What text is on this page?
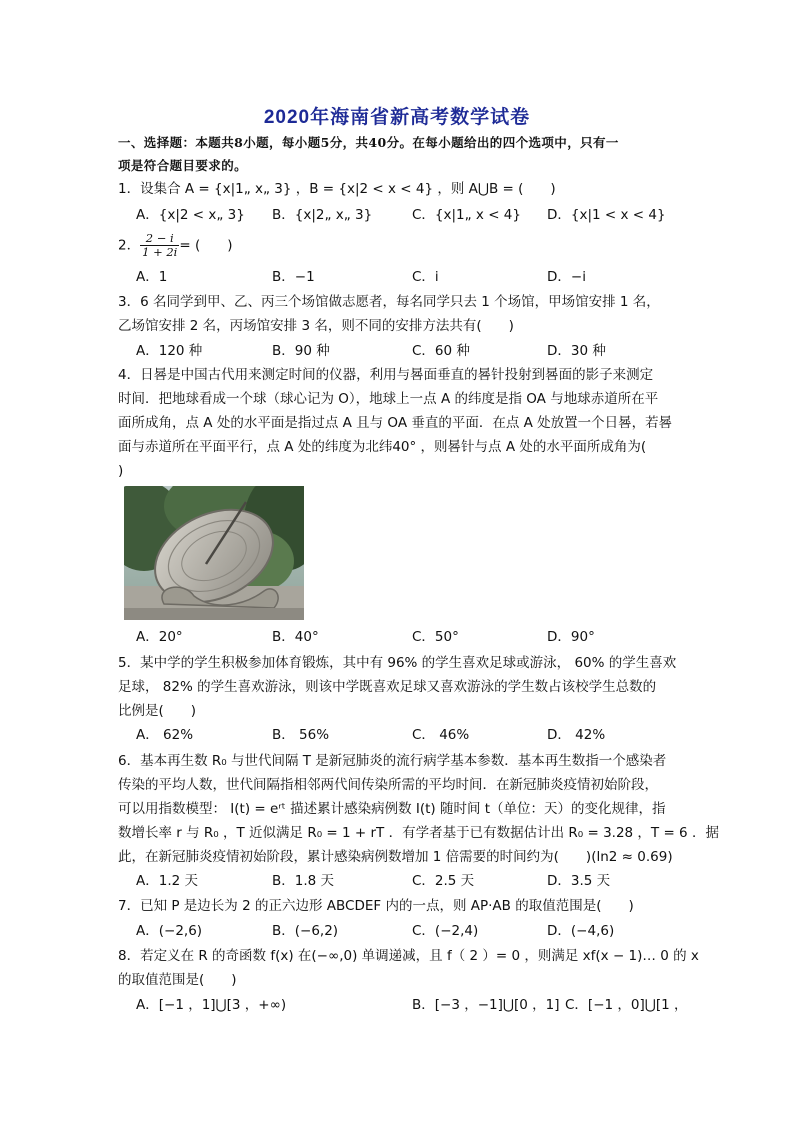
2020年海南省新高考数学试卷
一、选择题：本题共8小题，每小题5分，共40分。在每小题给出的四个选项中，只有一
项是符合题目要求的。
1．设集合 A = {x|1„ x„ 3} ，B = {x|2 < x < 4} ，则 A⋃B = (　　)
A．{x|2 < x„ 3} B．{x|2„ x„ 3}	C．{x|1„ x < 4} D．{x|1 < x < 4}
2． $\frac{2 - i}{1 + 2i}$ = (　　)
A．1	B．−1	C．i	D．−i
3．6 名同学到甲、乙、丙三个场馆做志愿者，每名同学只去 1 个场馆，甲场馆安排 1 名，
乙场馆安排 2 名，丙场馆安排 3 名，则不同的安排方法共有(　　)
A．120 种	B．90 种	C．60 种	D．30 种
4．日晷是中国古代用来测定时间的仪器，利用与晷面垂直的晷针投射到晷面的影子来测定
时间．把地球看成一个球（球心记为 O），地球上一点 A 的纬度是指 OA 与地球赤道所在平
面所成角，点 A 处的水平面是指过点 A 且与 OA 垂直的平面．在点 A 处放置一个日晷，若晷
面与赤道所在平面平行，点 A 处的纬度为北纬40° ，则晷针与点 A 处的水平面所成角为(
)
A．20°	B．40°	C．50°	D．90°
5．某中学的学生积极参加体育锻炼，其中有 96% 的学生喜欢足球或游泳， 60% 的学生喜欢
足球， 82% 的学生喜欢游泳，则该中学既喜欢足球又喜欢游泳的学生数占该校学生总数的
比例是(　　)
A． 62%	B． 56%	C． 46%	D． 42%
6．基本再生数 R₀ 与世代间隔 T 是新冠肺炎的流行病学基本参数．基本再生数指一个感染者
传染的平均人数，世代间隔指相邻两代间传染所需的平均时间．在新冠肺炎疫情初始阶段，
可以用指数模型： I(t) = eʳᵗ 描述累计感染病例数 I(t) 随时间 t（单位：天）的变化规律，指
数增长率 r 与 R₀ ，T 近似满足 R₀ = 1 + rT ．有学者基于已有数据估计出 R₀ = 3.28 ，T = 6 ．据
此，在新冠肺炎疫情初始阶段，累计感染病例数增加 1 倍需要的时间约为(　　)(ln2 ≈ 0.69)
A．1.2 天	B．1.8 天	C．2.5 天	D．3.5 天
7．已知 P 是边长为 2 的正六边形 ABCDEF 内的一点，则 AP·AB 的取值范围是(　　)
A．(−2,6)	B．(−6,2)	C．(−2,4)	D．(−4,6)
8．若定义在 R 的奇函数 f(x) 在(−∞,0) 单调递减，且 f（ 2 ）= 0 ，则满足 xf(x − 1)… 0 的 x
的取值范围是(　　)
A．[−1 ，1]⋃[3 ，+∞)	B．[−3 ，−1]⋃[0 ，1] C．[−1 ，0]⋃[1 ，
